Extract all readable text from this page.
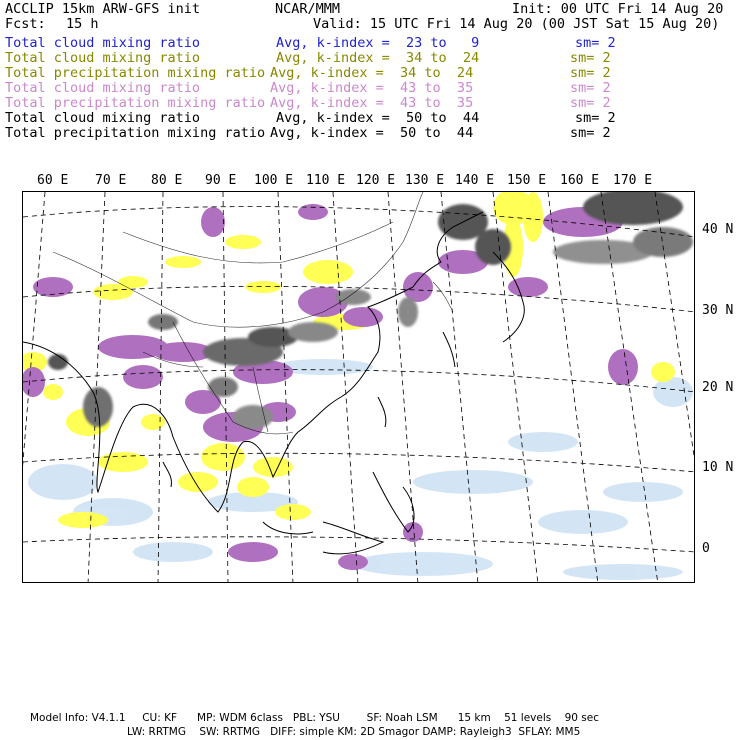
ACCLIP 15km ARW-GFS init	NCAR/MMM	Init: 00 UTC Fri 14 Aug 20
Fcst: 15 h	Valid: 15 UTC Fri 14 Aug 20 (00 JST Sat 15 Aug 20)
Total cloud mixing ratio	Avg, k-index =  23 to   9	sm= 2
Total cloud mixing ratio	Avg, k-index =  34 to  24	sm= 2
Total precipitation mixing ratio Avg, k-index =  34 to  24	sm= 2
Total cloud mixing ratio	Avg, k-index =  43 to  35	sm= 2
Total precipitation mixing ratio Avg, k-index =  43 to  35	sm= 2
Total cloud mixing ratio	Avg, k-index =  50 to  44	sm= 2
Total precipitation mixing ratio Avg, k-index =  50 to  44	sm= 2
60 E 70 E 80 E 90 E 100 E 110 E 120 E 130 E 140 E 150 E 160 E 170 E
40 N
30 N
20 N
10 N
0
Model Info: V4.1.1     CU: KF      MP: WDM 6class   PBL: YSU        SF: Noah LSM      15 km    51 levels    90 sec
LW: RRTMG    SW: RRTMG   DIFF: simple KM: 2D Smagor DAMP: Rayleigh3  SFLAY: MM5
